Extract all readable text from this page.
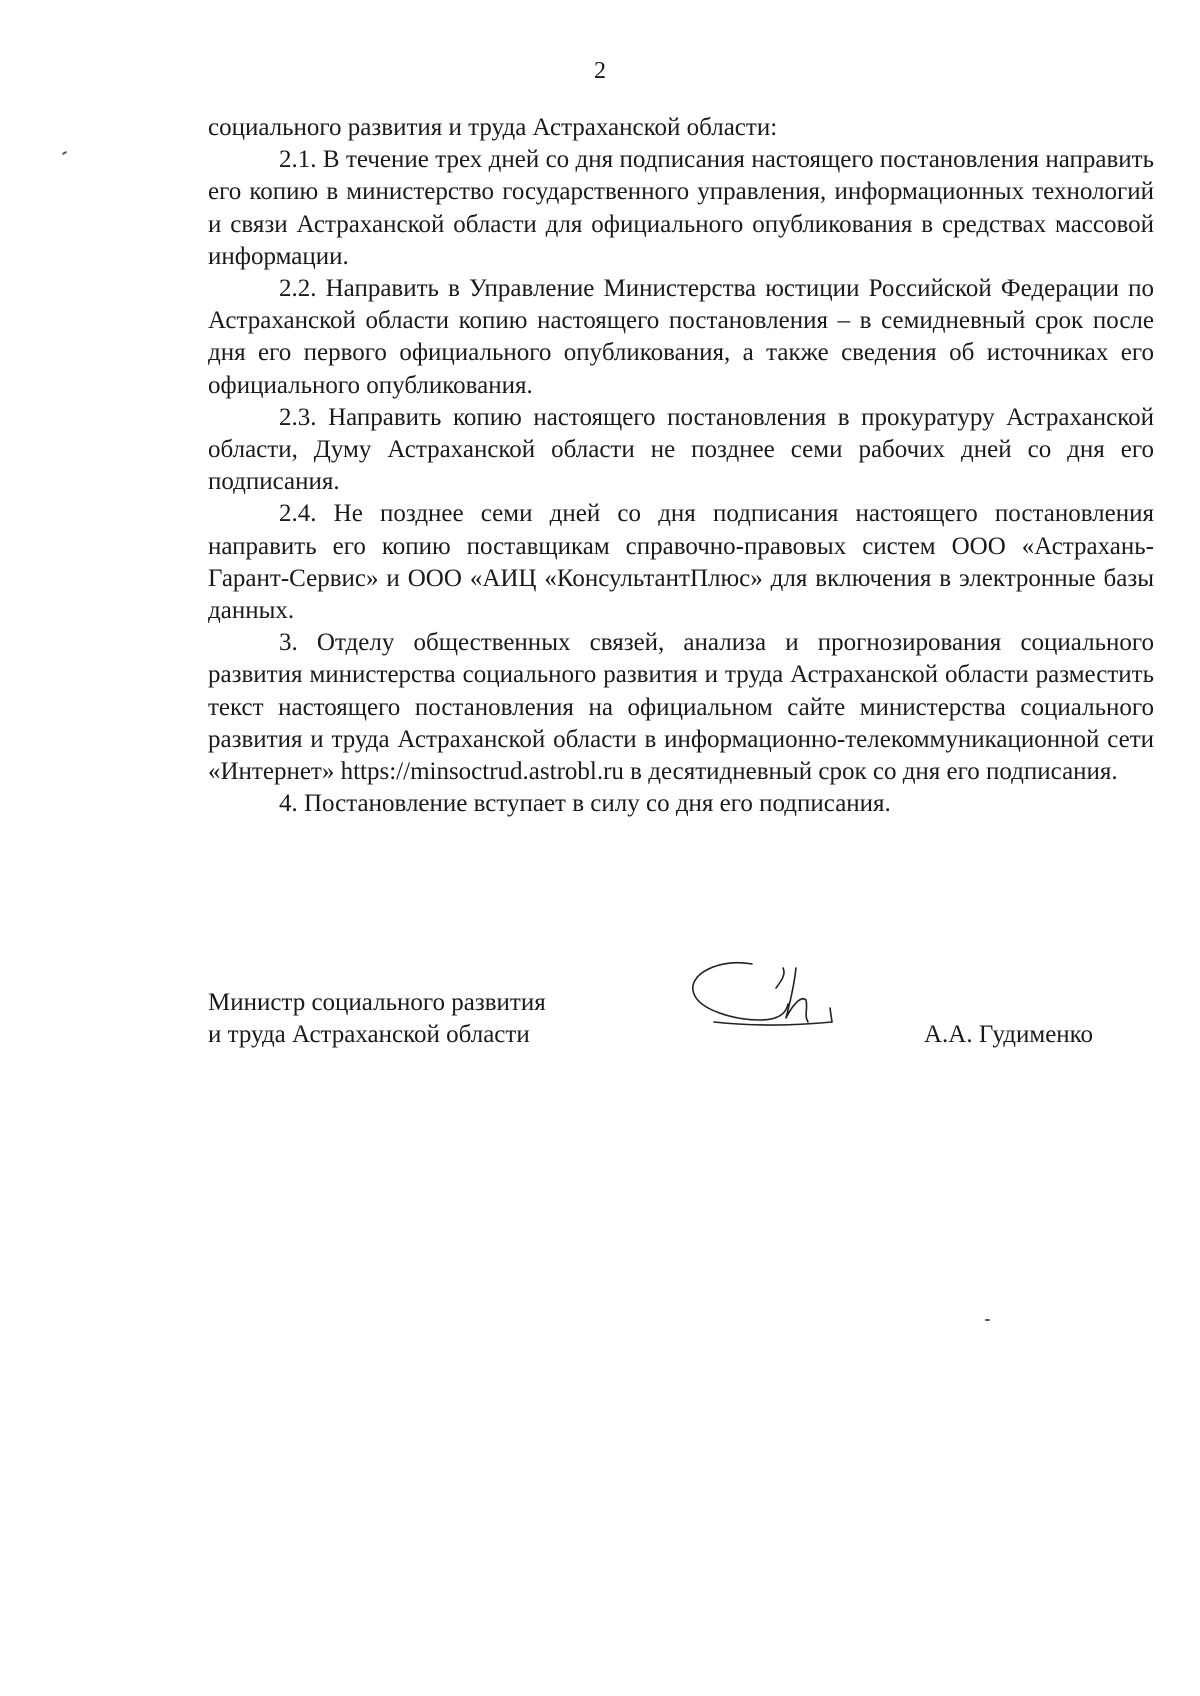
2

социального развития и труда Астраханской области:

2.1. В течение трех дней со дня подписания настоящего постановления направить его копию в министерство государственного управления, информационных технологий и связи Астраханской области для официального опубликования в средствах массовой информации.

2.2. Направить в Управление Министерства юстиции Российской Федерации по Астраханской области копию настоящего постановления – в семидневный срок после дня его первого официального опубликования, а также сведения об источниках его официального опубликования.

2.3. Направить копию настоящего постановления в прокуратуру Астраханской области, Думу Астраханской области не позднее семи рабочих дней со дня его подписания.

2.4. Не позднее семи дней со дня подписания настоящего постановления направить его копию поставщикам справочно-правовых систем ООО «Астрахань-Гарант-Сервис» и ООО «АИЦ «КонсультантПлюс» для включения в электронные базы данных.

3. Отделу общественных связей, анализа и прогнозирования социального развития министерства социального развития и труда Астраханской области разместить текст настоящего постановления на официальном сайте министерства социального развития и труда Астраханской области в информационно-телекоммуникационной сети «Интернет» https://minsoctrud.astrobl.ru в десятидневный срок со дня его подписания.

4. Постановление вступает в силу со дня его подписания.

Министр социального развития
и труда Астраханской области	А.А. Гудименко
